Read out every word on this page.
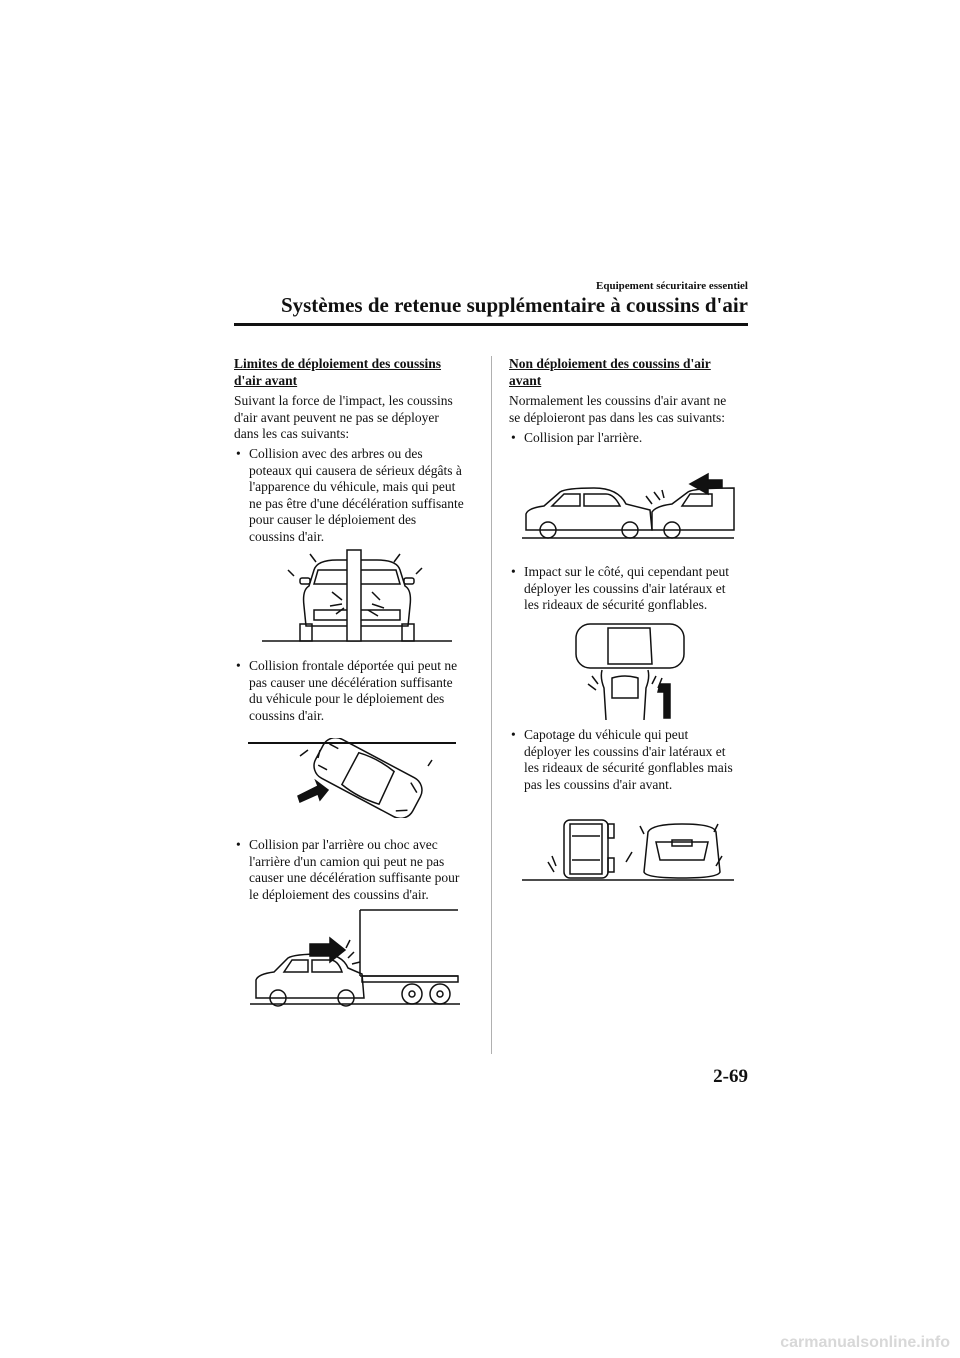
Equipement sécuritaire essentiel
Systèmes de retenue supplémentaire à coussins d'air
Limites de déploiement des coussins
d'air avant
Suivant la force de l'impact, les coussins
d'air avant peuvent ne pas se déployer
dans les cas suivants:
• Collision avec des arbres ou des
poteaux qui causera de sérieux dégâts à
l'apparence du véhicule, mais qui peut
ne pas être d'une décélération suffisante
pour causer le déploiement des
coussins d'air.
• Collision frontale déportée qui peut ne
pas causer une décélération suffisante
du véhicule pour le déploiement des
coussins d'air.
• Collision par l'arrière ou choc avec
l'arrière d'un camion qui peut ne pas
causer une décélération suffisante pour
le déploiement des coussins d'air.
Non déploiement des coussins d'air
avant
Normalement les coussins d'air avant ne
se déploieront pas dans les cas suivants:
• Collision par l'arrière.
• Impact sur le côté, qui cependant peut
déployer les coussins d'air latéraux et
les rideaux de sécurité gonflables.
• Capotage du véhicule qui peut
déployer les coussins d'air latéraux et
les rideaux de sécurité gonflables mais
pas les coussins d'air avant.
2-69
carmanualsonline.info
